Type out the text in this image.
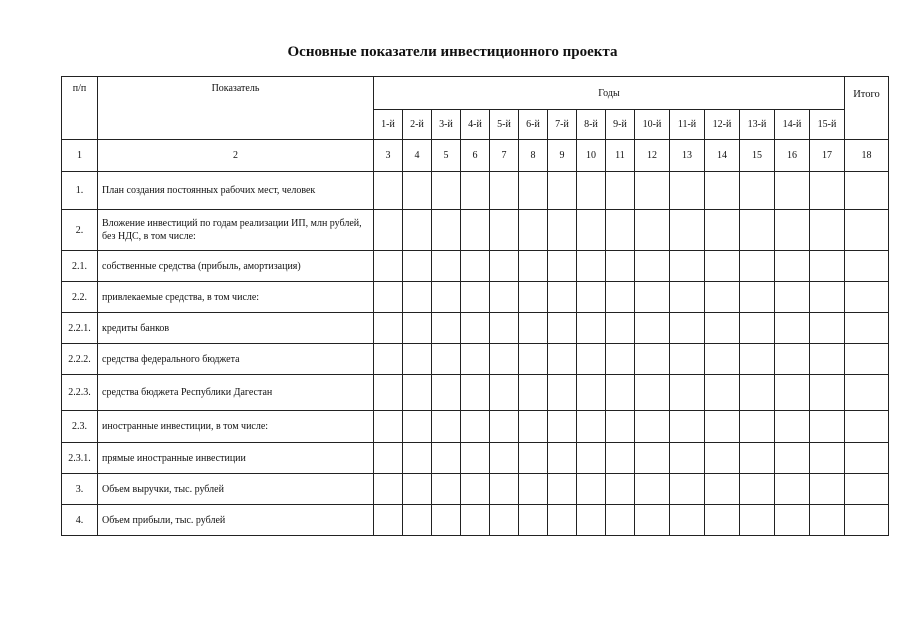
Основные показатели инвестиционного проекта
п/п	Показатель	Годы															Итого
		1-й	2-й	3-й	4-й	5-й	6-й	7-й	8-й	9-й	10-й	11-й	12-й	13-й	14-й	15-й	
1	2	3	4	5	6	7	8	9	10	11	12	13	14	15	16	17	18
1.	План создания постоянных рабочих мест, человек																
2.	Вложение инвестиций по годам реализации ИП, млн рублей, без НДС, в том числе:																
2.1.	собственные средства (прибыль, амортизация)																
2.2.	привлекаемые средства, в том числе:																
2.2.1.	кредиты банков																
2.2.2.	средства федерального бюджета																
2.2.3.	средства бюджета Республики Дагестан																
2.3.	иностранные инвестиции, в том числе:																
2.3.1.	прямые иностранные инвестиции																
3.	Объем выручки, тыс. рублей																
4.	Объем прибыли, тыс. рублей																
